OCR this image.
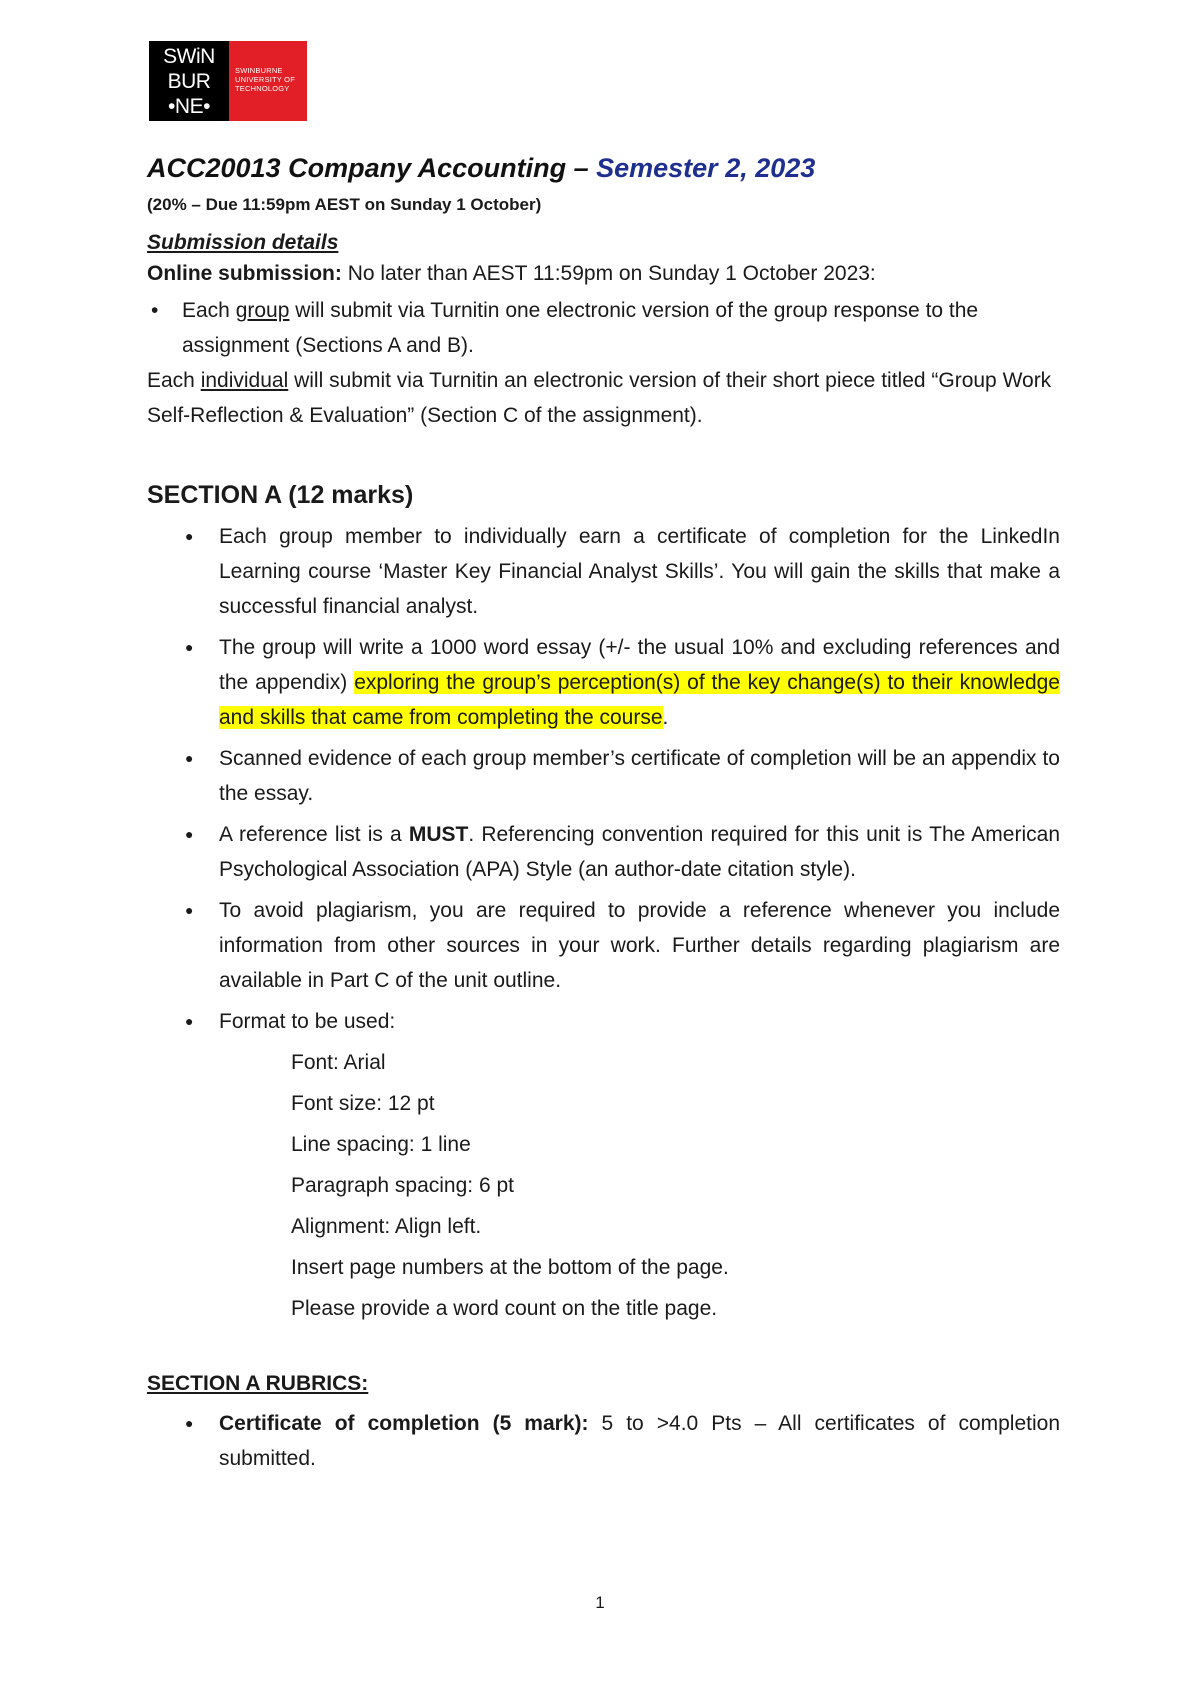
SWiN
BUR
•NE•
SWINBURNE
UNIVERSITY OF
TECHNOLOGY
ACC20013 Company Accounting – Semester 2, 2023

(20% – Due 11:59pm AEST on Sunday 1 October)

Submission details

Online submission: No later than AEST 11:59pm on Sunday 1 October 2023:

• Each group will submit via Turnitin one electronic version of the group response to the assignment (Sections A and B).

Each individual will submit via Turnitin an electronic version of their short piece titled “Group Work Self-Reflection & Evaluation” (Section C of the assignment).

SECTION A (12 marks)
● Each group member to individually earn a certificate of completion for the LinkedIn Learning course ‘Master Key Financial Analyst Skills’. You will gain the skills that make a successful financial analyst.
● The group will write a 1000 word essay (+/- the usual 10% and excluding references and the appendix) exploring the group’s perception(s) of the key change(s) to their knowledge and skills that came from completing the course.
● Scanned evidence of each group member’s certificate of completion will be an appendix to the essay.
● A reference list is a MUST. Referencing convention required for this unit is The American Psychological Association (APA) Style (an author-date citation style).
● To avoid plagiarism, you are required to provide a reference whenever you include information from other sources in your work. Further details regarding plagiarism are available in Part C of the unit outline.
● Format to be used:
Font: Arial
Font size: 12 pt
Line spacing: 1 line
Paragraph spacing: 6 pt
Alignment: Align left.
Insert page numbers at the bottom of the page.
Please provide a word count on the title page.

SECTION A RUBRICS:

● Certificate of completion (5 mark): 5 to >4.0 Pts – All certificates of completion submitted.
1
